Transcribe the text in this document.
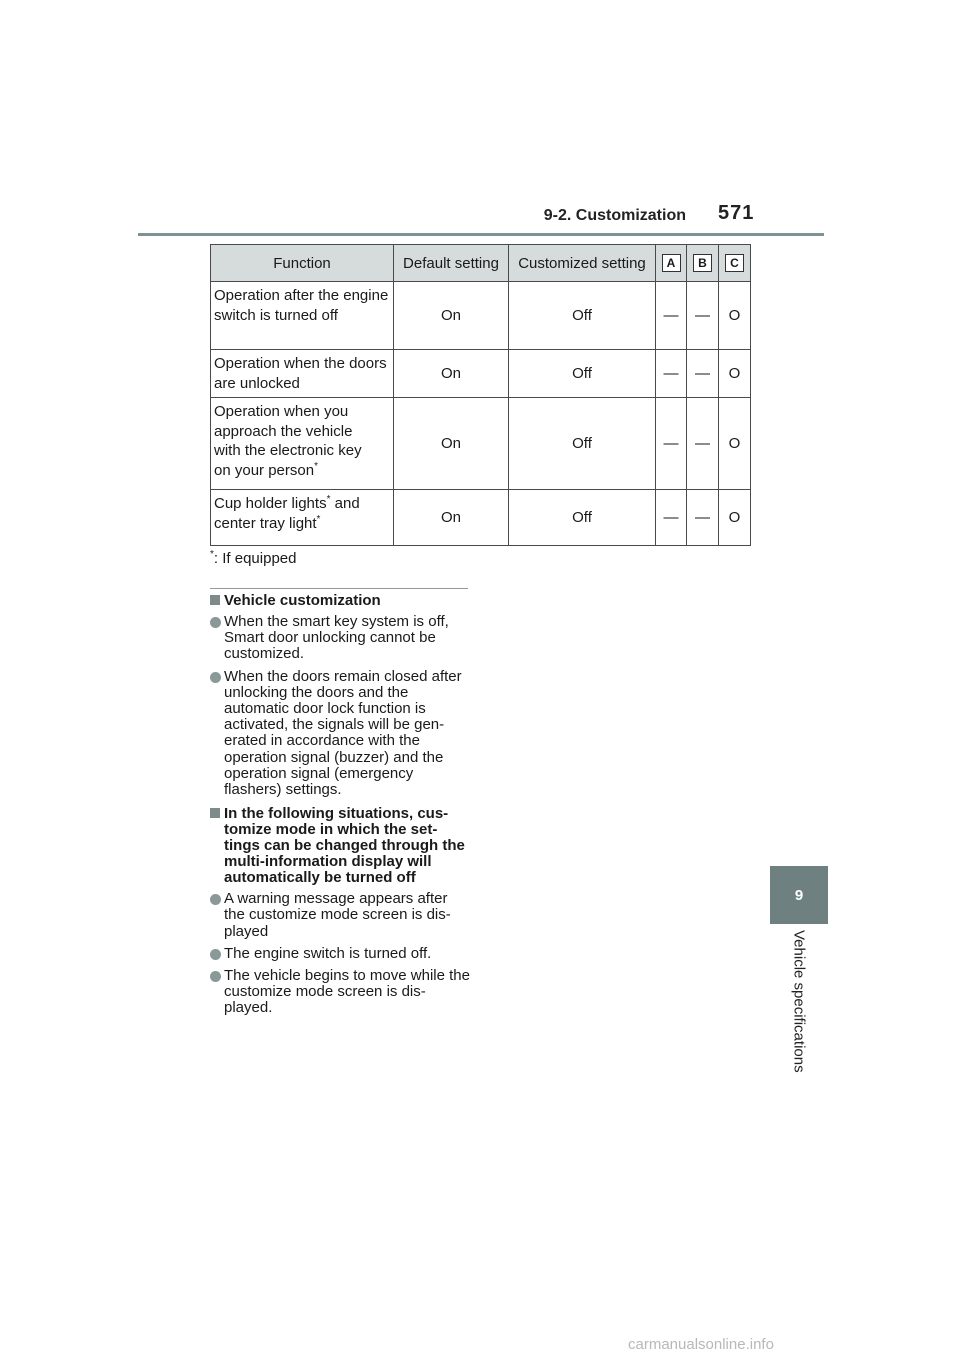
9-2. Customization 571
9
Vehicle specifications
Function	Default setting	Customized setting	A	B	C
Operation after the engine switch is turned off	On	Off	—	—	O
Operation when the doors are unlocked	On	Off	—	—	O
Operation when you
approach the vehicle
with the electronic key
on your person*	On	Off	—	—	O
Cup holder lights* and
center tray light*	On	Off	—	—	O
*: If equipped
Vehicle customization
When the smart key system is off, Smart door unlocking cannot be customized.
When the doors remain closed after unlocking the doors and the automatic door lock function is activated, the signals will be gen- erated in accordance with the operation signal (buzzer) and the operation signal (emergency flashers) settings.
In the following situations, cus- tomize mode in which the set- tings can be changed through the multi-information display will automatically be turned off
A warning message appears after the customize mode screen is dis- played
The engine switch is turned off.
The vehicle begins to move while the customize mode screen is dis- played.
carmanualsonline.info
